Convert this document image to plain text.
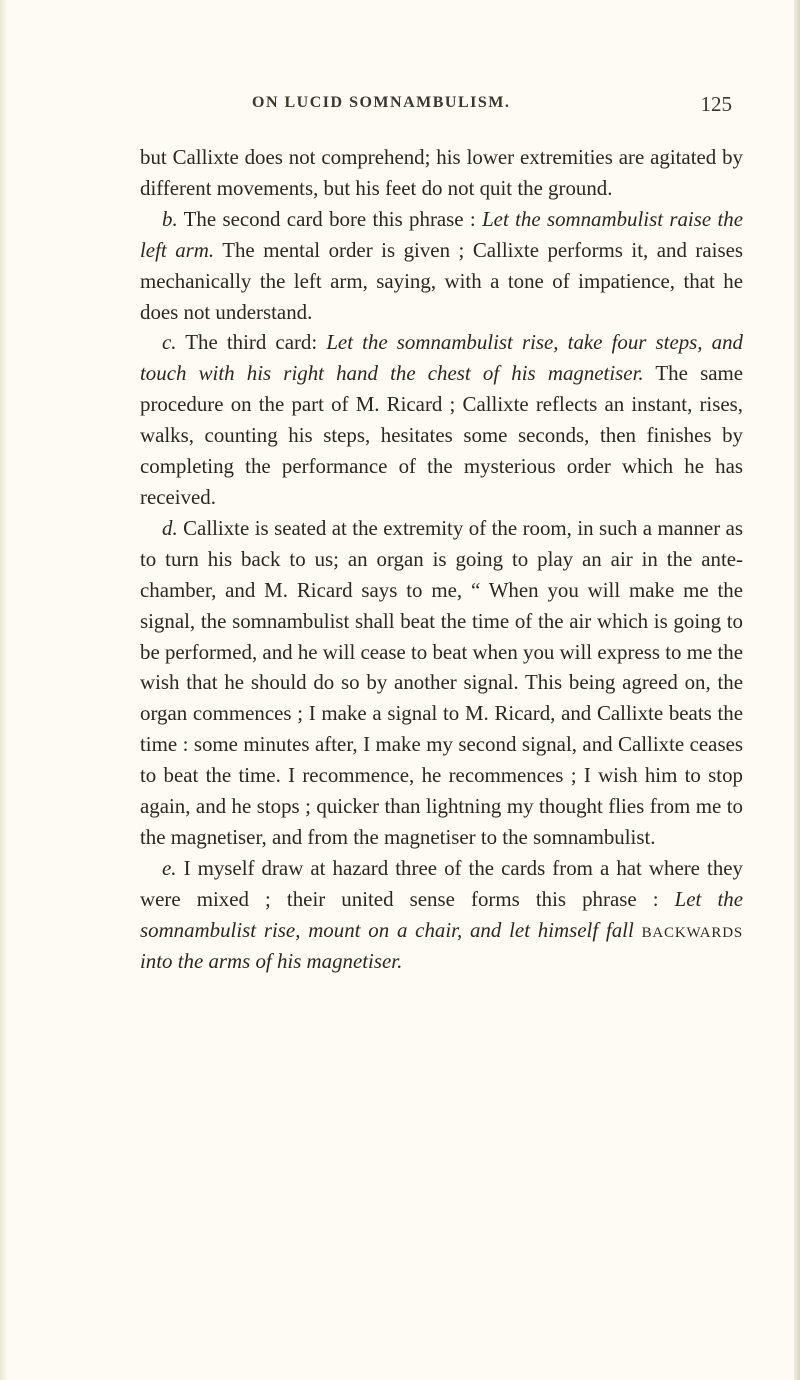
ON LUCID SOMNAMBULISM.	125

but Callixte does not comprehend; his lower extremities are agitated by different movements, but his feet do not quit the ground.

b. The second card bore this phrase : Let the somnambulist raise the left arm. The mental order is given ; Callixte performs it, and raises mechanically the left arm, saying, with a tone of impatience, that he does not understand.

c. The third card: Let the somnambulist rise, take four steps, and touch with his right hand the chest of his magnetiser. The same procedure on the part of M. Ricard ; Callixte reflects an instant, rises, walks, counting his steps, hesitates some seconds, then finishes by completing the performance of the mysterious order which he has received.

d. Callixte is seated at the extremity of the room, in such a manner as to turn his back to us; an organ is going to play an air in the ante-chamber, and M. Ricard says to me, “ When you will make me the signal, the somnambulist shall beat the time of the air which is going to be performed, and he will cease to beat when you will express to me the wish that he should do so by another signal. This being agreed on, the organ commences ; I make a signal to M. Ricard, and Callixte beats the time : some minutes after, I make my second signal, and Callixte ceases to beat the time. I recommence, he recommences ; I wish him to stop again, and he stops ; quicker than lightning my thought flies from me to the magnetiser, and from the magnetiser to the somnambulist.

e. I myself draw at hazard three of the cards from a hat where they were mixed ; their united sense forms this phrase : Let the somnambulist rise, mount on a chair, and let himself fall backwards into the arms of his magnetiser.
